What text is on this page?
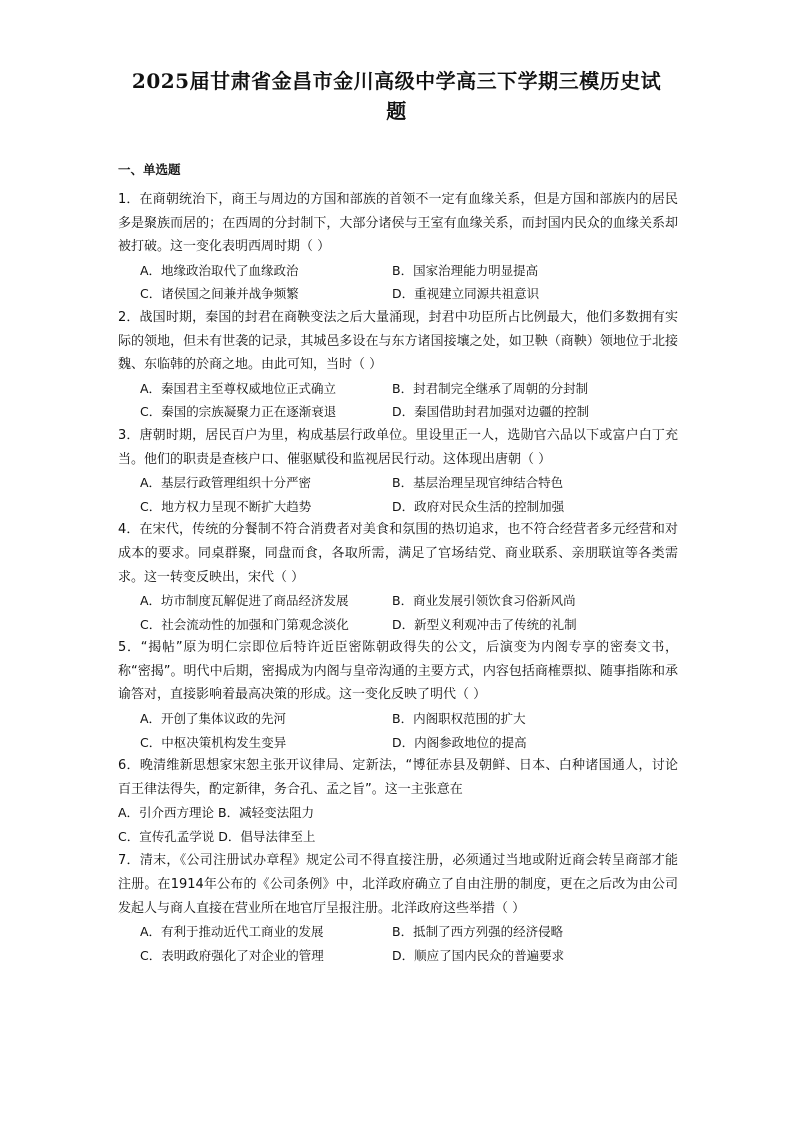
2025届甘肃省金昌市金川高级中学高三下学期三模历史试
题
一、单选题

1．在商朝统治下，商王与周边的方国和部族的首领不一定有血缘关系，但是方国和部族内的居民多是聚族而居的；在西周的分封制下，大部分诸侯与王室有血缘关系，而封国内民众的血缘关系却被打破。这一变化表明西周时期（ ）

A．地缘政治取代了血缘政治	B．国家治理能力明显提高
C．诸侯国之间兼并战争频繁	D．重视建立同源共祖意识

2．战国时期，秦国的封君在商鞅变法之后大量涌现，封君中功臣所占比例最大，他们多数拥有实际的领地，但未有世袭的记录，其城邑多设在与东方诸国接壤之处，如卫鞅（商鞅）领地位于北接魏、东临韩的於商之地。由此可知，当时（ ）

A．秦国君主至尊权威地位正式确立	B．封君制完全继承了周朝的分封制
C．秦国的宗族凝聚力正在逐渐衰退	D．秦国借助封君加强对边疆的控制

3．唐朝时期，居民百户为里，构成基层行政单位。里设里正一人，选勋官六品以下或富户白丁充当。他们的职责是查核户口、催驱赋役和监视居民行动。这体现出唐朝（ ）

A．基层行政管理组织十分严密	B．基层治理呈现官绅结合特色
C．地方权力呈现不断扩大趋势	D．政府对民众生活的控制加强

4．在宋代，传统的分餐制不符合消费者对美食和氛围的热切追求，也不符合经营者多元经营和对成本的要求。同桌群聚，同盘而食，各取所需，满足了官场结党、商业联系、亲朋联谊等各类需求。这一转变反映出，宋代（ ）

A．坊市制度瓦解促进了商品经济发展	B．商业发展引领饮食习俗新风尚
C．社会流动性的加强和门第观念淡化	D．新型义利观冲击了传统的礼制

5．“揭帖”原为明仁宗即位后特许近臣密陈朝政得失的公文，后演变为内阁专享的密奏文书，称“密揭”。明代中后期，密揭成为内阁与皇帝沟通的主要方式，内容包括商榷票拟、随事指陈和承谕答对，直接影响着最高决策的形成。这一变化反映了明代（ ）

A．开创了集体议政的先河	B．内阁职权范围的扩大
C．中枢决策机构发生变异	D．内阁参政地位的提高

6．晚清维新思想家宋恕主张开议律局、定新法，“博征赤县及朝鲜、日本、白种诸国通人，讨论百王律法得失，酌定新律，务合孔、孟之旨”。这一主张意在

A．引介西方理论 B．减轻变法阻力
C．宣传孔孟学说 D．倡导法律至上

7．清末，《公司注册试办章程》规定公司不得直接注册，必须通过当地或附近商会转呈商部才能注册。在1914年公布的《公司条例》中，北洋政府确立了自由注册的制度，更在之后改为由公司发起人与商人直接在营业所在地官厅呈报注册。北洋政府这些举措（ ）

A．有利于推动近代工商业的发展	B．抵制了西方列强的经济侵略
C．表明政府强化了对企业的管理	D．顺应了国内民众的普遍要求
